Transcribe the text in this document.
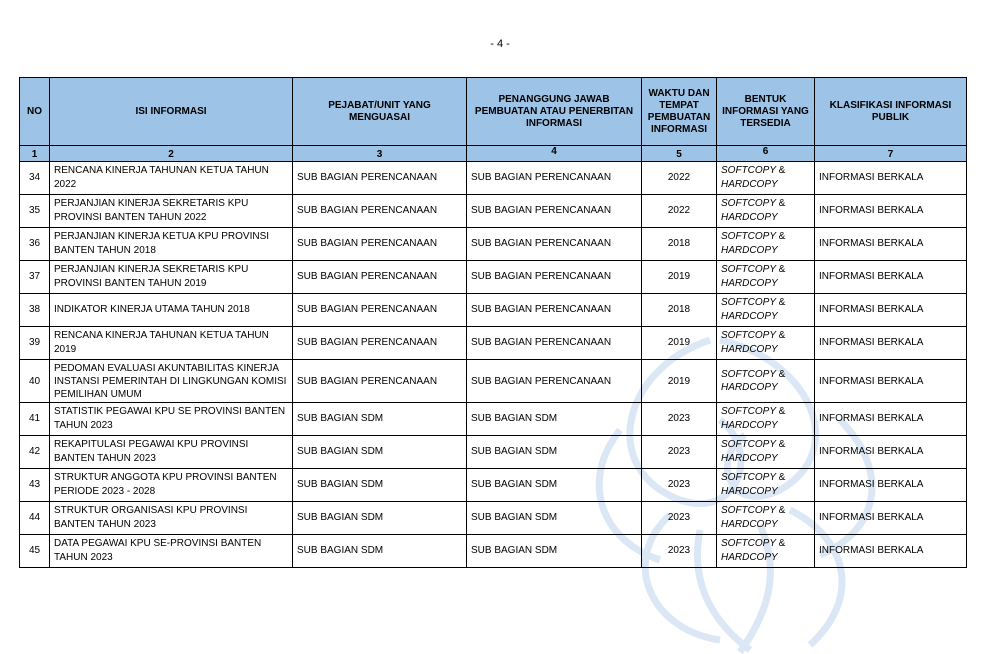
- 4 -
NO	ISI INFORMASI	PEJABAT/UNIT YANG MENGUASAI	PENANGGUNG JAWAB PEMBUATAN ATAU PENERBITAN INFORMASI	WAKTU DAN TEMPAT PEMBUATAN INFORMASI	BENTUK INFORMASI YANG TERSEDIA	KLASIFIKASI INFORMASI PUBLIK
1	2	3	4	5	6	7
34	RENCANA KINERJA TAHUNAN KETUA TAHUN 2022	SUB BAGIAN PERENCANAAN	SUB BAGIAN PERENCANAAN	2022	SOFTCOPY &
HARDCOPY	INFORMASI BERKALA
35	PERJANJIAN KINERJA SEKRETARIS KPU PROVINSI BANTEN TAHUN 2022	SUB BAGIAN PERENCANAAN	SUB BAGIAN PERENCANAAN	2022	SOFTCOPY &
HARDCOPY	INFORMASI BERKALA
36	PERJANJIAN KINERJA KETUA KPU PROVINSI BANTEN TAHUN 2018	SUB BAGIAN PERENCANAAN	SUB BAGIAN PERENCANAAN	2018	SOFTCOPY &
HARDCOPY	INFORMASI BERKALA
37	PERJANJIAN KINERJA SEKRETARIS KPU PROVINSI BANTEN TAHUN 2019	SUB BAGIAN PERENCANAAN	SUB BAGIAN PERENCANAAN	2019	SOFTCOPY &
HARDCOPY	INFORMASI BERKALA
38	INDIKATOR KINERJA UTAMA TAHUN 2018	SUB BAGIAN PERENCANAAN	SUB BAGIAN PERENCANAAN	2018	SOFTCOPY &
HARDCOPY	INFORMASI BERKALA
39	RENCANA KINERJA TAHUNAN KETUA TAHUN 2019	SUB BAGIAN PERENCANAAN	SUB BAGIAN PERENCANAAN	2019	SOFTCOPY &
HARDCOPY	INFORMASI BERKALA
40	PEDOMAN EVALUASI AKUNTABILITAS KINERJA INSTANSI PEMERINTAH DI LINGKUNGAN KOMISI PEMILIHAN UMUM	SUB BAGIAN PERENCANAAN	SUB BAGIAN PERENCANAAN	2019	SOFTCOPY &
HARDCOPY	INFORMASI BERKALA
41	STATISTIK PEGAWAI KPU SE PROVINSI BANTEN TAHUN 2023	SUB BAGIAN SDM	SUB BAGIAN SDM	2023	SOFTCOPY &
HARDCOPY	INFORMASI BERKALA
42	REKAPITULASI PEGAWAI KPU PROVINSI BANTEN TAHUN 2023	SUB BAGIAN SDM	SUB BAGIAN SDM	2023	SOFTCOPY &
HARDCOPY	INFORMASI BERKALA
43	STRUKTUR ANGGOTA KPU PROVINSI BANTEN PERIODE 2023 - 2028	SUB BAGIAN SDM	SUB BAGIAN SDM	2023	SOFTCOPY &
HARDCOPY	INFORMASI BERKALA
44	STRUKTUR ORGANISASI KPU PROVINSI BANTEN TAHUN 2023	SUB BAGIAN SDM	SUB BAGIAN SDM	2023	SOFTCOPY &
HARDCOPY	INFORMASI BERKALA
45	DATA PEGAWAI KPU SE-PROVINSI BANTEN TAHUN 2023	SUB BAGIAN SDM	SUB BAGIAN SDM	2023	SOFTCOPY &
HARDCOPY	INFORMASI BERKALA
